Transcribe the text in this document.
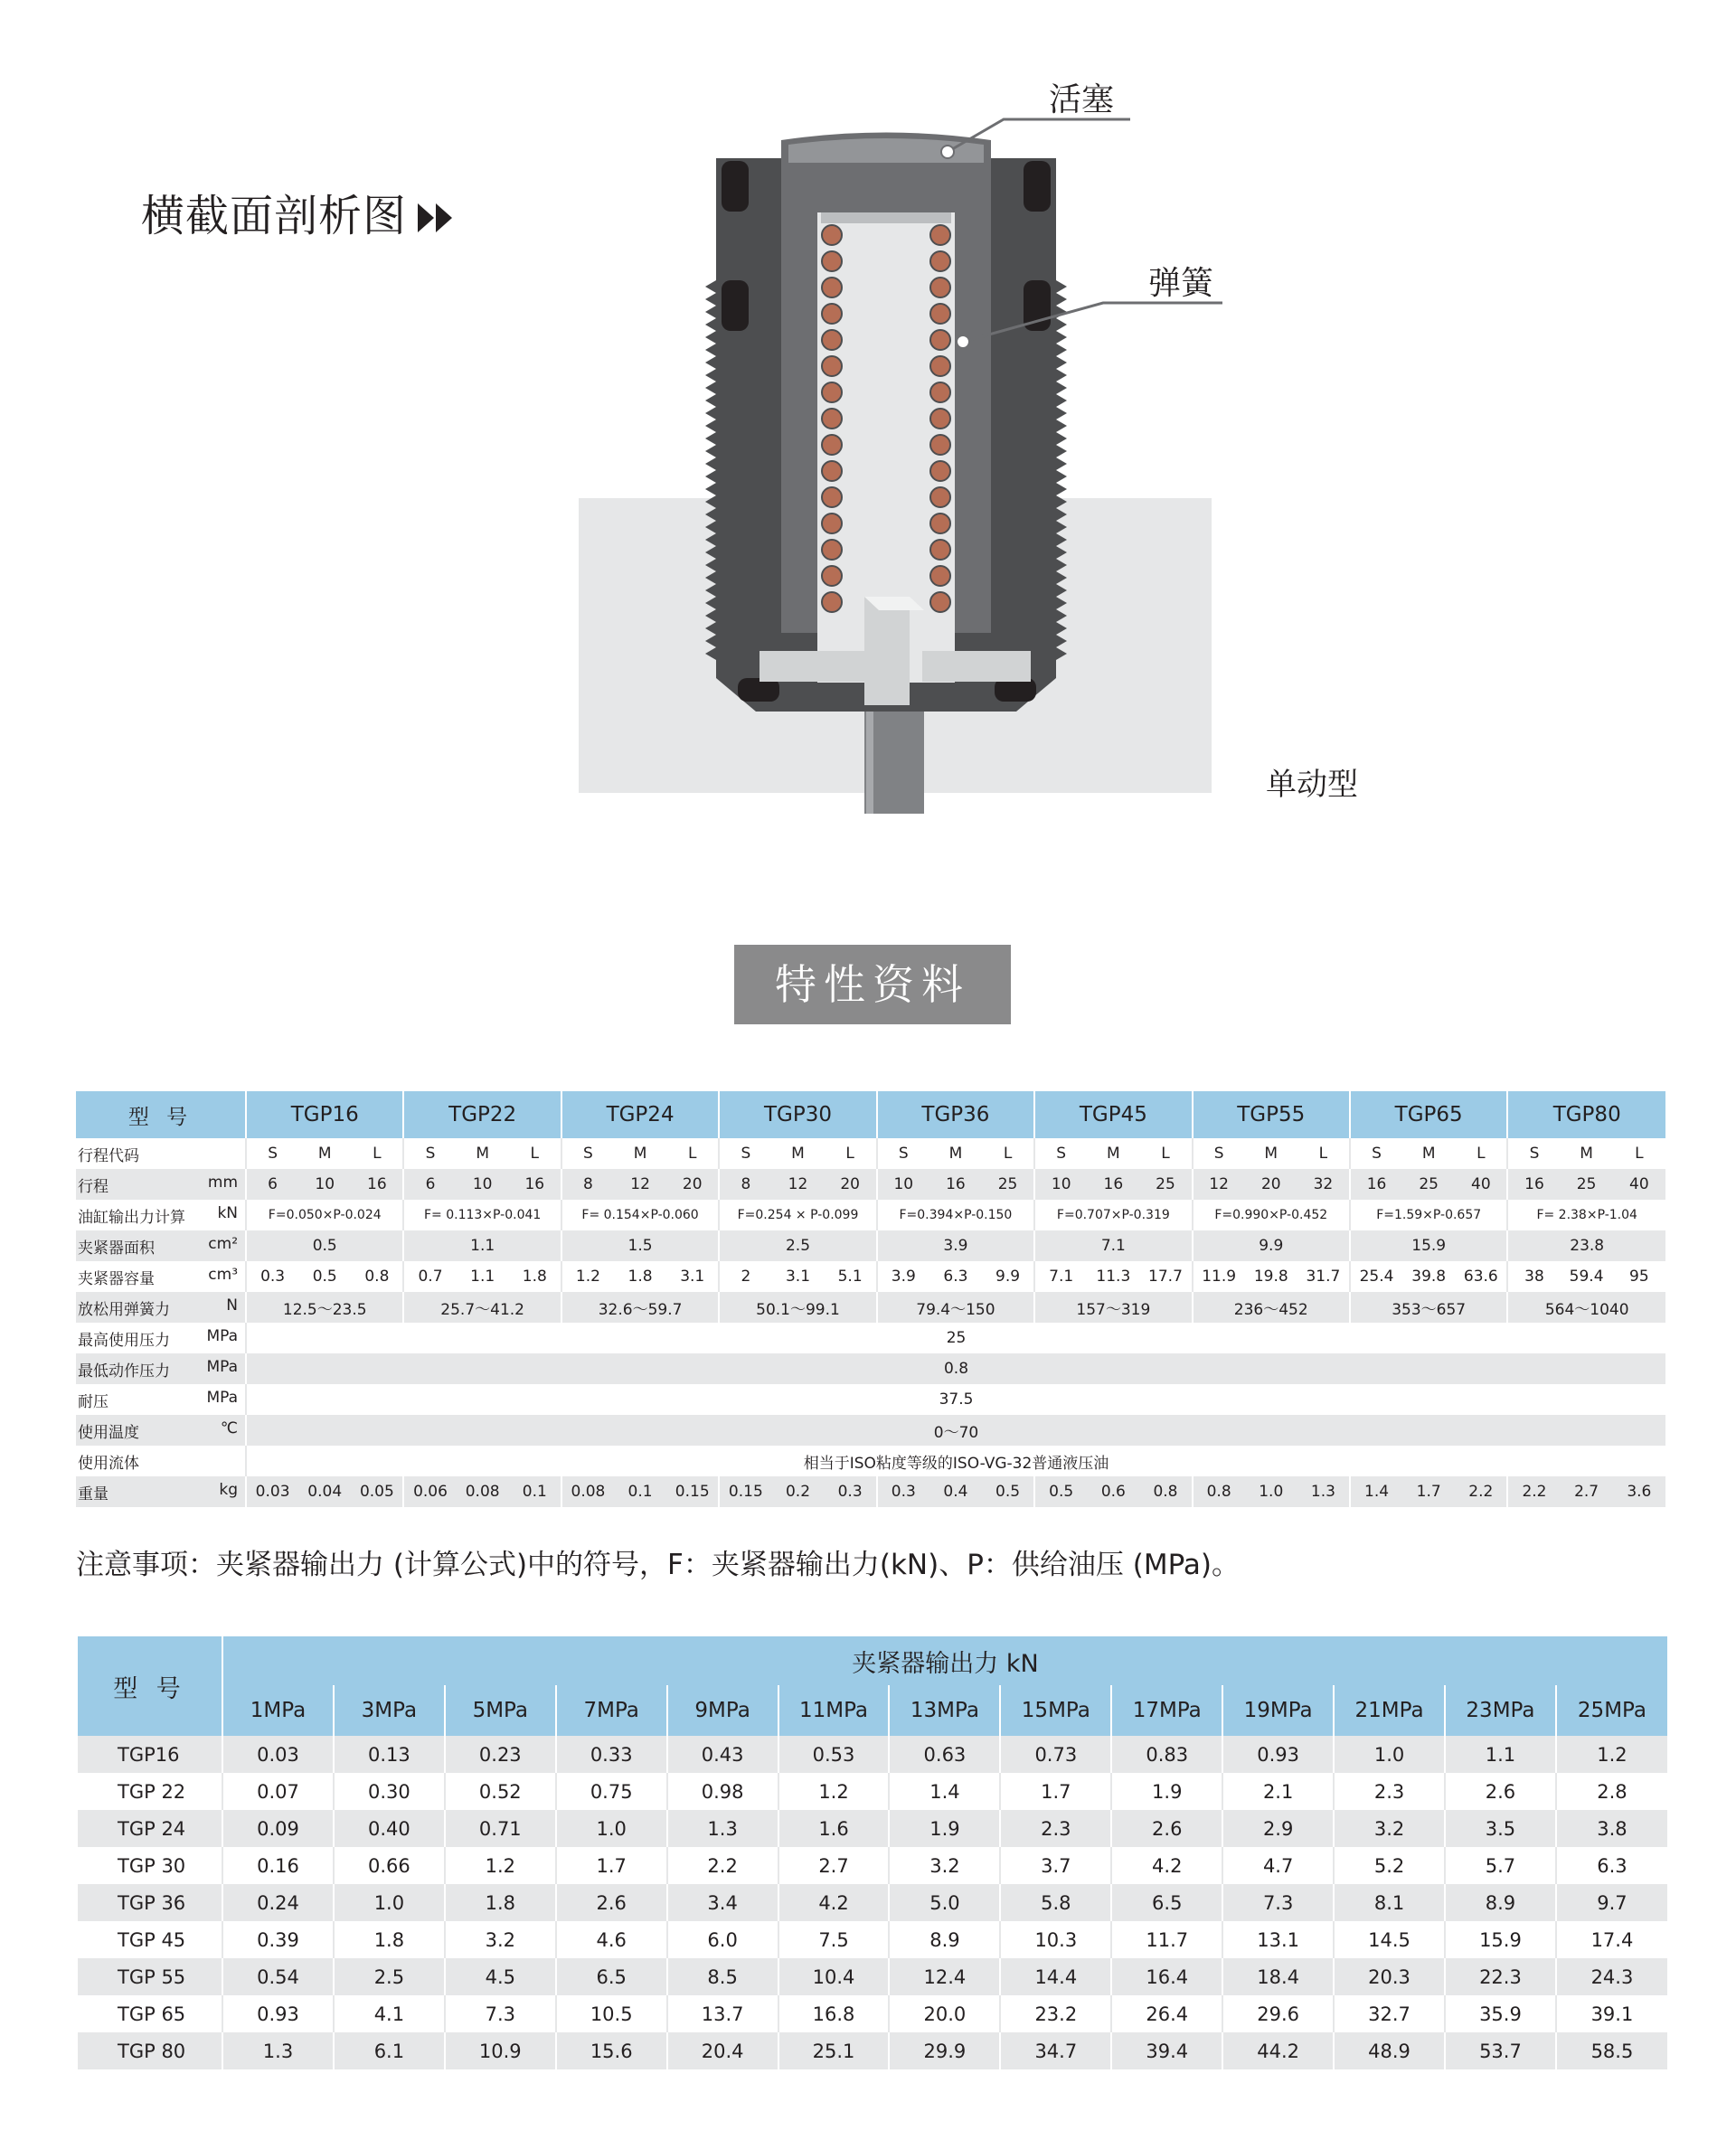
横截面剖析图
活塞
弹簧
单动型
特性资料
型 号	TGP16			TGP22			TGP24			TGP30			TGP36			TGP45			TGP55			TGP65			TGP80		
行程代码	S	M	L	S	M	L	S	M	L	S	M	L	S	M	L	S	M	L	S	M	L	S	M	L	S	M	L
行程 mm	6	10	16	6	10	16	8	12	20	8	12	20	10	16	25	10	16	25	12	20	32	16	25	40	16	25	40
油缸输出力计算 kN	F=0.050×P-0.024			F= 0.113×P-0.041			F= 0.154×P-0.060			F=0.254 × P-0.099			F=0.394×P-0.150			F=0.707×P-0.319			F=0.990×P-0.452			F=1.59×P-0.657			F= 2.38×P-1.04		
夹紧器面积 cm²	0.5			1.1			1.5			2.5			3.9			7.1			9.9			15.9			23.8		
夹紧器容量 cm³	0.3	0.5	0.8	0.7	1.1	1.8	1.2	1.8	3.1	2	3.1	5.1	3.9	6.3	9.9	7.1	11.3	17.7	11.9	19.8	31.7	25.4	39.8	63.6	38	59.4	95
放松用弹簧力 N	12.5～23.5			25.7～41.2			32.6～59.7			50.1～99.1			79.4～150			157～319			236～452			353～657			564～1040		
最高使用压力 MPa	25																										
最低动作压力 MPa	0.8																										
耐压 MPa	37.5																										
使用温度 ℃	0～70																										
使用流体	相当于ISO粘度等级的ISO-VG-32普通液压油																										
重量 kg	0.03	0.04	0.05	0.06	0.08	0.1	0.08	0.1	0.15	0.15	0.2	0.3	0.3	0.4	0.5	0.5	0.6	0.8	0.8	1.0	1.3	1.4	1.7	2.2	2.2	2.7	3.6
注意事项：夹紧器输出力 (计算公式)中的符号，F：夹紧器输出力(kN)、P：供给油压 (MPa)。
型 号	夹紧器输出力 kN												
	1MPa	3MPa	5MPa	7MPa	9MPa	11MPa	13MPa	15MPa	17MPa	19MPa	21MPa	23MPa	25MPa
TGP16	0.03	0.13	0.23	0.33	0.43	0.53	0.63	0.73	0.83	0.93	1.0	1.1	1.2
TGP 22	0.07	0.30	0.52	0.75	0.98	1.2	1.4	1.7	1.9	2.1	2.3	2.6	2.8
TGP 24	0.09	0.40	0.71	1.0	1.3	1.6	1.9	2.3	2.6	2.9	3.2	3.5	3.8
TGP 30	0.16	0.66	1.2	1.7	2.2	2.7	3.2	3.7	4.2	4.7	5.2	5.7	6.3
TGP 36	0.24	1.0	1.8	2.6	3.4	4.2	5.0	5.8	6.5	7.3	8.1	8.9	9.7
TGP 45	0.39	1.8	3.2	4.6	6.0	7.5	8.9	10.3	11.7	13.1	14.5	15.9	17.4
TGP 55	0.54	2.5	4.5	6.5	8.5	10.4	12.4	14.4	16.4	18.4	20.3	22.3	24.3
TGP 65	0.93	4.1	7.3	10.5	13.7	16.8	20.0	23.2	26.4	29.6	32.7	35.9	39.1
TGP 80	1.3	6.1	10.9	15.6	20.4	25.1	29.9	34.7	39.4	44.2	48.9	53.7	58.5
